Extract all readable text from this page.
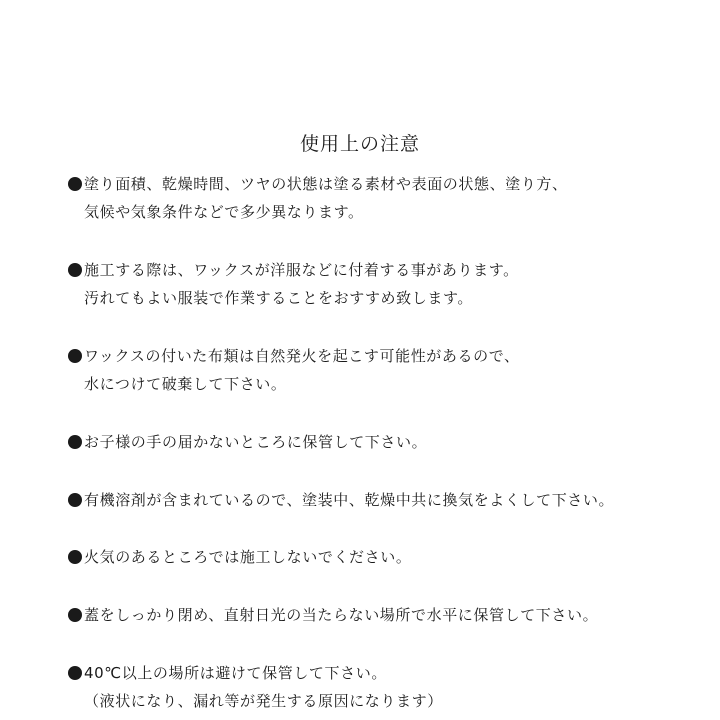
使用上の注意
塗り面積、乾燥時間、ツヤの状態は塗る素材や表面の状態、塗り方、
気候や気象条件などで多少異なります。
施工する際は、ワックスが洋服などに付着する事があります。
汚れてもよい服装で作業することをおすすめ致します。
ワックスの付いた布類は自然発火を起こす可能性があるので、
水につけて破棄して下さい。
お子様の手の届かないところに保管して下さい。
有機溶剤が含まれているので、塗装中、乾燥中共に換気をよくして下さい。
火気のあるところでは施工しないでください。
蓋をしっかり閉め、直射日光の当たらない場所で水平に保管して下さい。
40℃以上の場所は避けて保管して下さい。
（液状になり、漏れ等が発生する原因になります）
